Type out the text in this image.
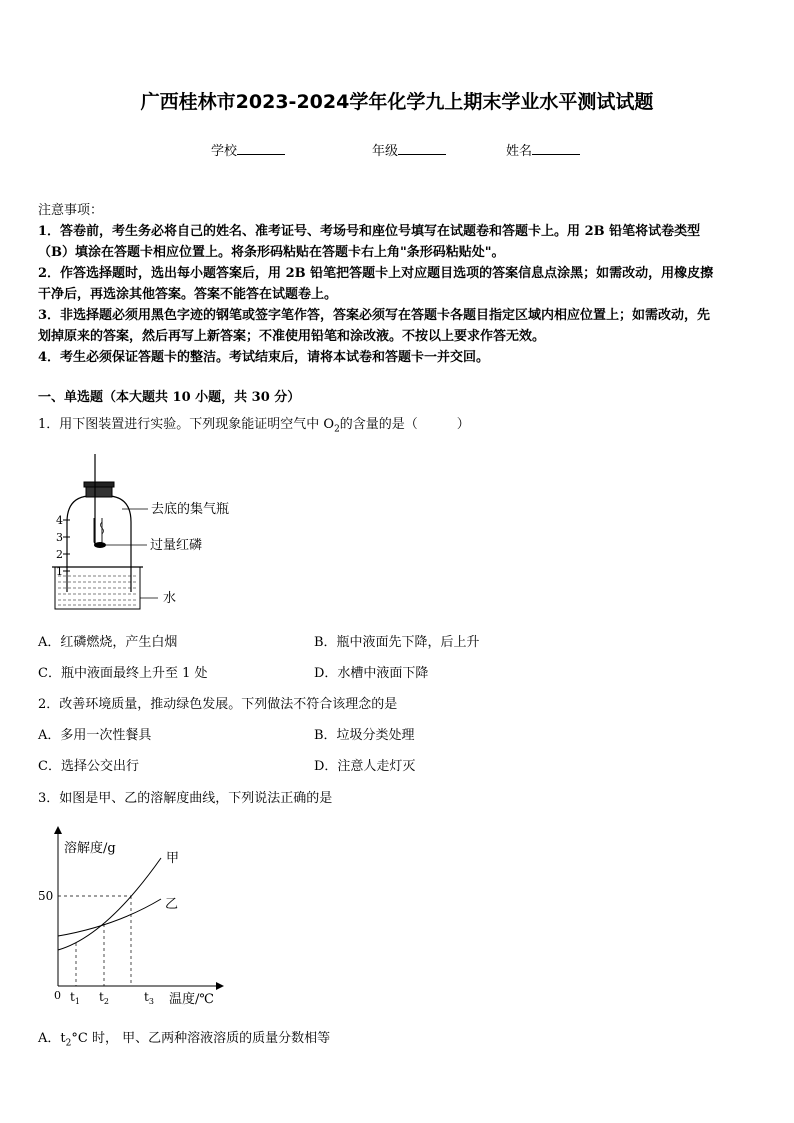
广西桂林市2023-2024学年化学九上期末学业水平测试试题
学校	年级	姓名
注意事项：
1．答卷前，考生务必将自己的姓名、准考证号、考场号和座位号填写在试题卷和答题卡上。用 2B 铅笔将试卷类型
（B）填涂在答题卡相应位置上。将条形码粘贴在答题卡右上角"条形码粘贴处"。
2．作答选择题时，选出每小题答案后，用 2B 铅笔把答题卡上对应题目选项的答案信息点涂黑；如需改动，用橡皮擦
干净后，再选涂其他答案。答案不能答在试题卷上。
3．非选择题必须用黑色字迹的钢笔或签字笔作答，答案必须写在答题卡各题目指定区域内相应位置上；如需改动，先
划掉原来的答案，然后再写上新答案；不准使用铅笔和涂改液。不按以上要求作答无效。
4．考生必须保证答题卡的整洁。考试结束后，请将本试卷和答题卡一并交回。
一、单选题（本大题共 10 小题，共 30 分）
1．用下图装置进行实验。下列现象能证明空气中 $O_2$的含量的是（　　　）
4
3
2
1
去底的集气瓶
过量红磷
水
A．红磷燃烧，产生白烟	B．瓶中液面先下降，后上升
C．瓶中液面最终上升至 1 处	D．水槽中液面下降
2．改善环境质量，推动绿色发展。下列做法不符合该理念的是
A．多用一次性餐具	B．垃圾分类处理
C．选择公交出行	D．注意人走灯灭
3．如图是甲、乙的溶解度曲线，下列说法正确的是
溶解度/g
50
0
甲
乙
$t_1$ $t_2$	$t_3$ 温度/℃
A．$t_2^\circ C$ 时， 甲、乙两种溶液溶质的质量分数相等
